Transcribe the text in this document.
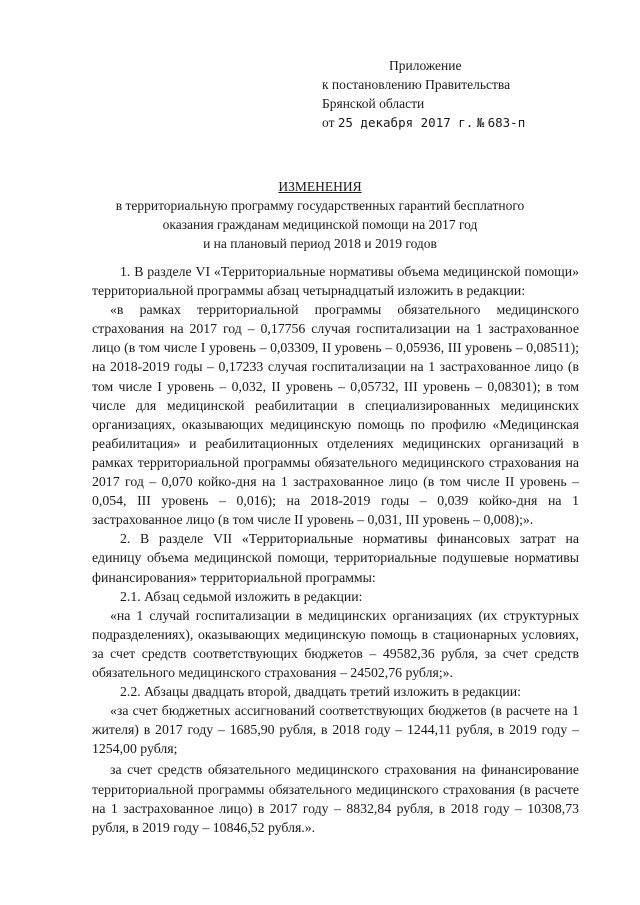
Приложение
к постановлению Правительства
Брянской области
от 25 декабря 2017 г. № 683-п
ИЗМЕНЕНИЯ
в территориальную программу государственных гарантий бесплатного
оказания гражданам медицинской помощи на 2017 год
и на плановый период 2018 и 2019 годов

1. В разделе VI «Территориальные нормативы объема медицинской помощи» территориальной программы абзац четырнадцатый изложить в редакции:

«в рамках территориальной программы обязательного медицинского страхования на 2017 год – 0,17756 случая госпитализации на 1 застрахованное лицо (в том числе I уровень – 0,03309, II уровень – 0,05936, III уровень – 0,08511); на 2018-2019 годы – 0,17233 случая госпитализации на 1 застрахованное лицо (в том числе I уровень – 0,032, II уровень – 0,05732, III уровень – 0,08301); в том числе для медицинской реабилитации в специализированных медицинских организациях, оказывающих медицинскую помощь по профилю «Медицинская реабилитация» и реабилитационных отделениях медицинских организаций в рамках территориальной программы обязательного медицинского страхования на 2017 год – 0,070 койко-дня на 1 застрахованное лицо (в том числе II уровень – 0,054, III уровень – 0,016); на 2018-2019 годы – 0,039 койко-дня на 1 застрахованное лицо (в том числе II уровень – 0,031, III уровень – 0,008);».

2. В разделе VII «Территориальные нормативы финансовых затрат на единицу объема медицинской помощи, территориальные подушевые нормативы финансирования» территориальной программы:

2.1. Абзац седьмой изложить в редакции:

«на 1 случай госпитализации в медицинских организациях (их структурных подразделениях), оказывающих медицинскую помощь в стационарных условиях, за счет средств соответствующих бюджетов – 49582,36 рубля, за счет средств обязательного медицинского страхования – 24502,76 рубля;».

2.2. Абзацы двадцать второй, двадцать третий изложить в редакции:

«за счет бюджетных ассигнований соответствующих бюджетов (в расчете на 1 жителя) в 2017 году – 1685,90 рубля, в 2018 году – 1244,11 рубля, в 2019 году – 1254,00 рубля;

за счет средств обязательного медицинского страхования на финансирование территориальной программы обязательного медицинского страхования (в расчете на 1 застрахованное лицо) в 2017 году – 8832,84 рубля, в 2018 году – 10308,73 рубля, в 2019 году – 10846,52 рубля.».
